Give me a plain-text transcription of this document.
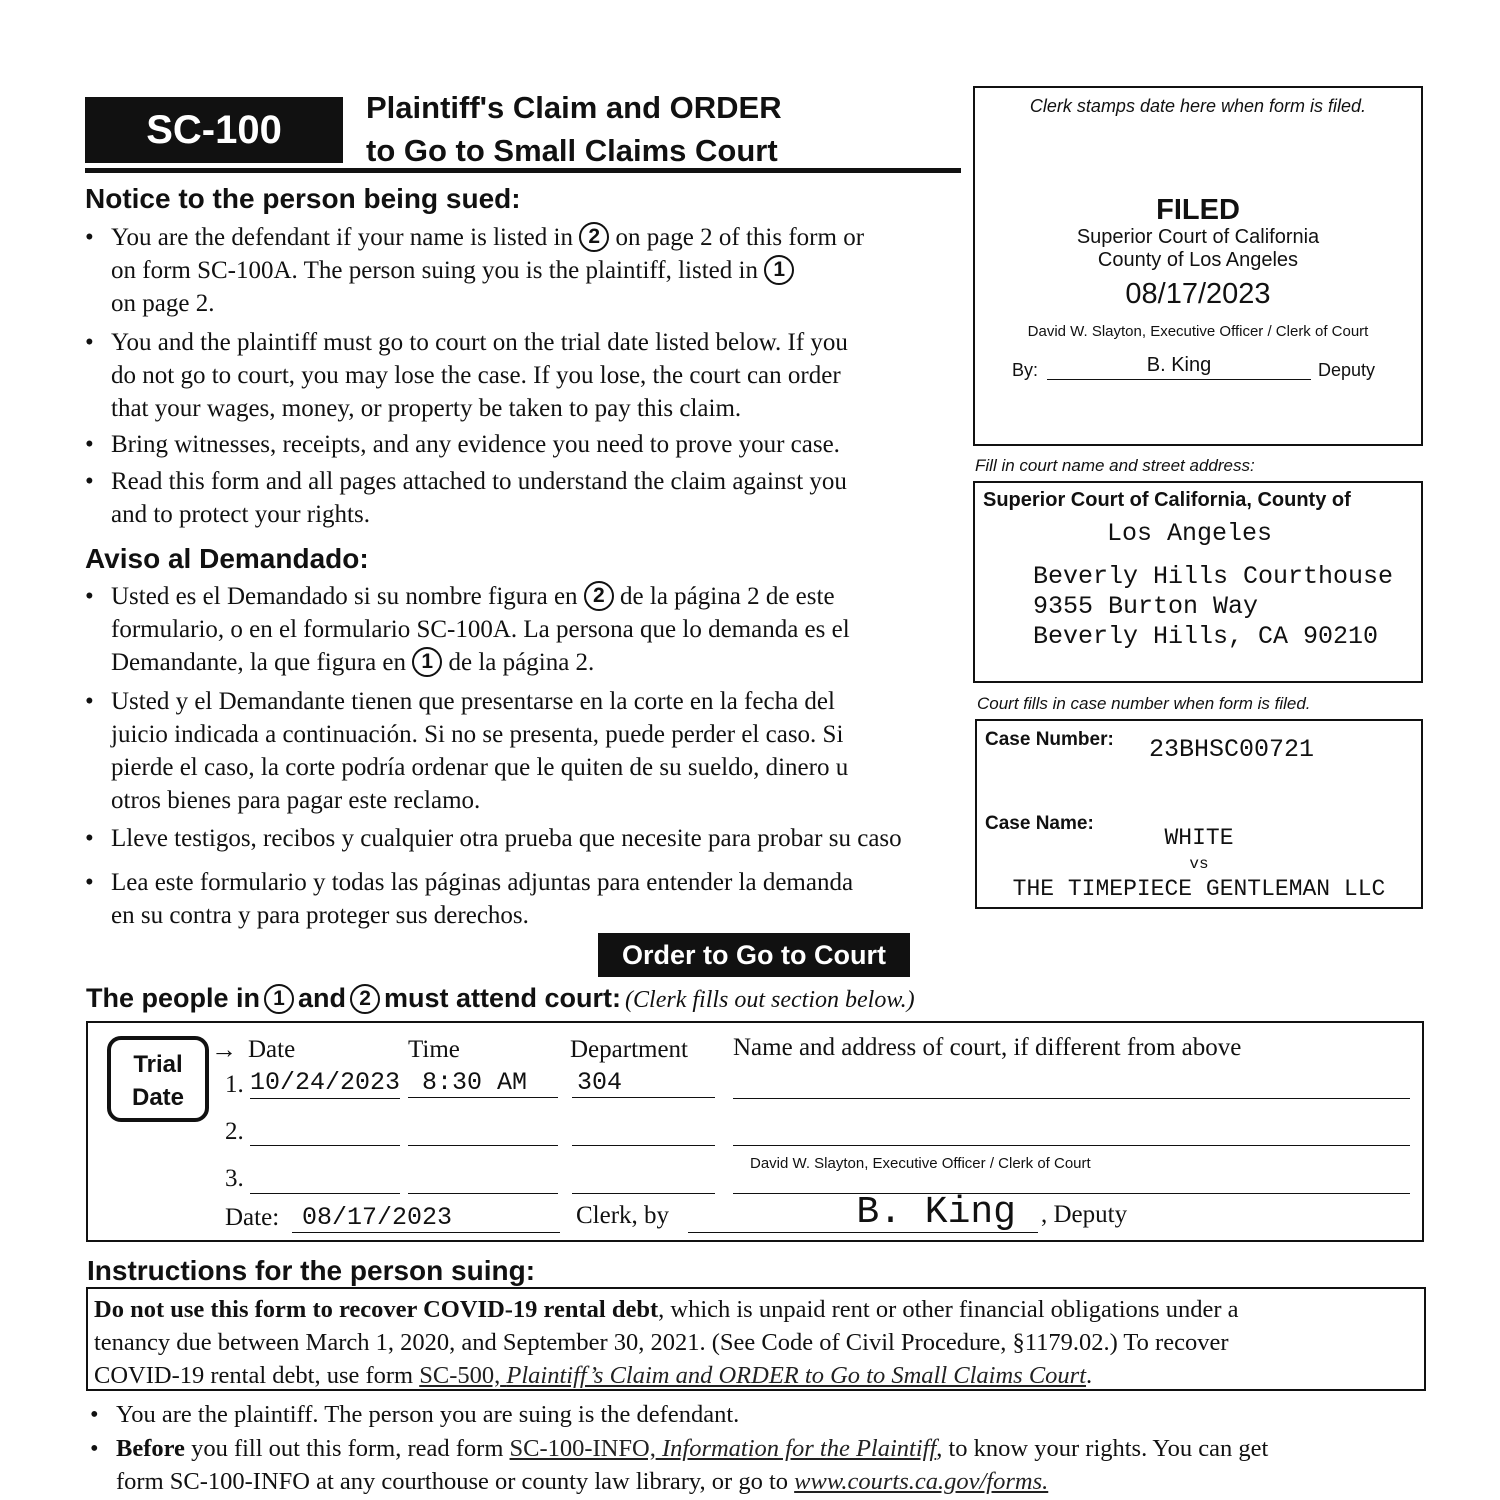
SC-100	Plaintiff's Claim and ORDER
to Go to Small Claims Court
Notice to the person being sued:
• You are the defendant if your name is listed in 2 on page 2 of this form or
on form SC-100A. The person suing you is the plaintiff, listed in 1
on page 2.
• You and the plaintiff must go to court on the trial date listed below. If you
do not go to court, you may lose the case. If you lose, the court can order
that your wages, money, or property be taken to pay this claim.
• Bring witnesses, receipts, and any evidence you need to prove your case.
• Read this form and all pages attached to understand the claim against you
and to protect your rights.
Aviso al Demandado:
• Usted es el Demandado si su nombre figura en 2 de la página 2 de este
formulario, o en el formulario SC-100A. La persona que lo demanda es el
Demandante, la que figura en 1 de la página 2.
• Usted y el Demandante tienen que presentarse en la corte en la fecha del
juicio indicada a continuación. Si no se presenta, puede perder el caso. Si
pierde el caso, la corte podría ordenar que le quiten de su sueldo, dinero u
otros bienes para pagar este reclamo.
• Lleve testigos, recibos y cualquier otra prueba que necesite para probar su caso
• Lea este formulario y todas las páginas adjuntas para entender la demanda
en su contra y para proteger sus derechos.
Clerk stamps date here when form is filed.
FILED
Superior Court of California
County of Los Angeles
08/17/2023
David W. Slayton, Executive Officer / Clerk of Court
By:	B. King	Deputy
Fill in court name and street address:
Superior Court of California, County of
Los Angeles
Beverly Hills Courthouse
9355 Burton Way
Beverly Hills, CA 90210
Court fills in case number when form is filed.
Case Number: 23BHSC00721
Case Name:
WHITE
vs
THE TIMEPIECE GENTLEMAN LLC
Order to Go to Court
The people in 1 and 2 must attend court: (Clerk fills out section below.)
Trial
Date
→ Date	Time	Department Name and address of court, if different from above
1. 10/24/2023 8:30 AM	304
2.
3.
David W. Slayton, Executive Officer / Clerk of Court
Date: 08/17/2023	Clerk, by	B. King	, Deputy
Instructions for the person suing:
Do not use this form to recover COVID-19 rental debt, which is unpaid rent or other financial obligations under a
tenancy due between March 1, 2020, and September 30, 2021. (See Code of Civil Procedure, §1179.02.) To recover
COVID-19 rental debt, use form SC-500, Plaintiff’s Claim and ORDER to Go to Small Claims Court.
• You are the plaintiff. The person you are suing is the defendant.
• Before you fill out this form, read form SC-100-INFO, Information for the Plaintiff, to know your rights. You can get
form SC-100-INFO at any courthouse or county law library, or go to www.courts.ca.gov/forms.
